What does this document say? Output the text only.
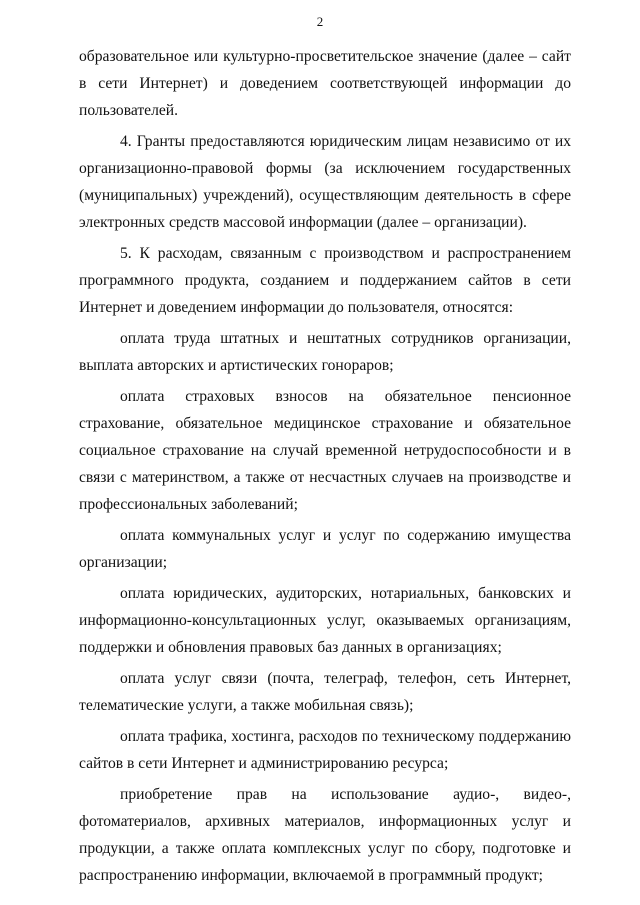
2

образовательное или культурно-просветительское значение (далее – сайт в сети Интернет) и доведением соответствующей информации до пользователей.

4. Гранты предоставляются юридическим лицам независимо от их организационно-правовой формы (за исключением государственных (муниципальных) учреждений), осуществляющим деятельность в сфере электронных средств массовой информации (далее – организации).

5. К расходам, связанным с производством и распространением программного продукта, созданием и поддержанием сайтов в сети Интернет и доведением информации до пользователя, относятся:

оплата труда штатных и нештатных сотрудников организации, выплата авторских и артистических гонораров;

оплата страховых взносов на обязательное пенсионное страхование, обязательное медицинское страхование и обязательное социальное страхование на случай временной нетрудоспособности и в связи с материнством, а также от несчастных случаев на производстве и профессиональных заболеваний;

оплата коммунальных услуг и услуг по содержанию имущества организации;

оплата юридических, аудиторских, нотариальных, банковских и информационно-консультационных услуг, оказываемых организациям, поддержки и обновления правовых баз данных в организациях;

оплата услуг связи (почта, телеграф, телефон, сеть Интернет, телематические услуги, а также мобильная связь);

оплата трафика, хостинга, расходов по техническому поддержанию сайтов в сети Интернет и администрированию ресурса;

приобретение прав на использование аудио-, видео-, фотоматериалов, архивных материалов, информационных услуг и продукции, а также оплата комплексных услуг по сбору, подготовке и распространению информации, включаемой в программный продукт;
